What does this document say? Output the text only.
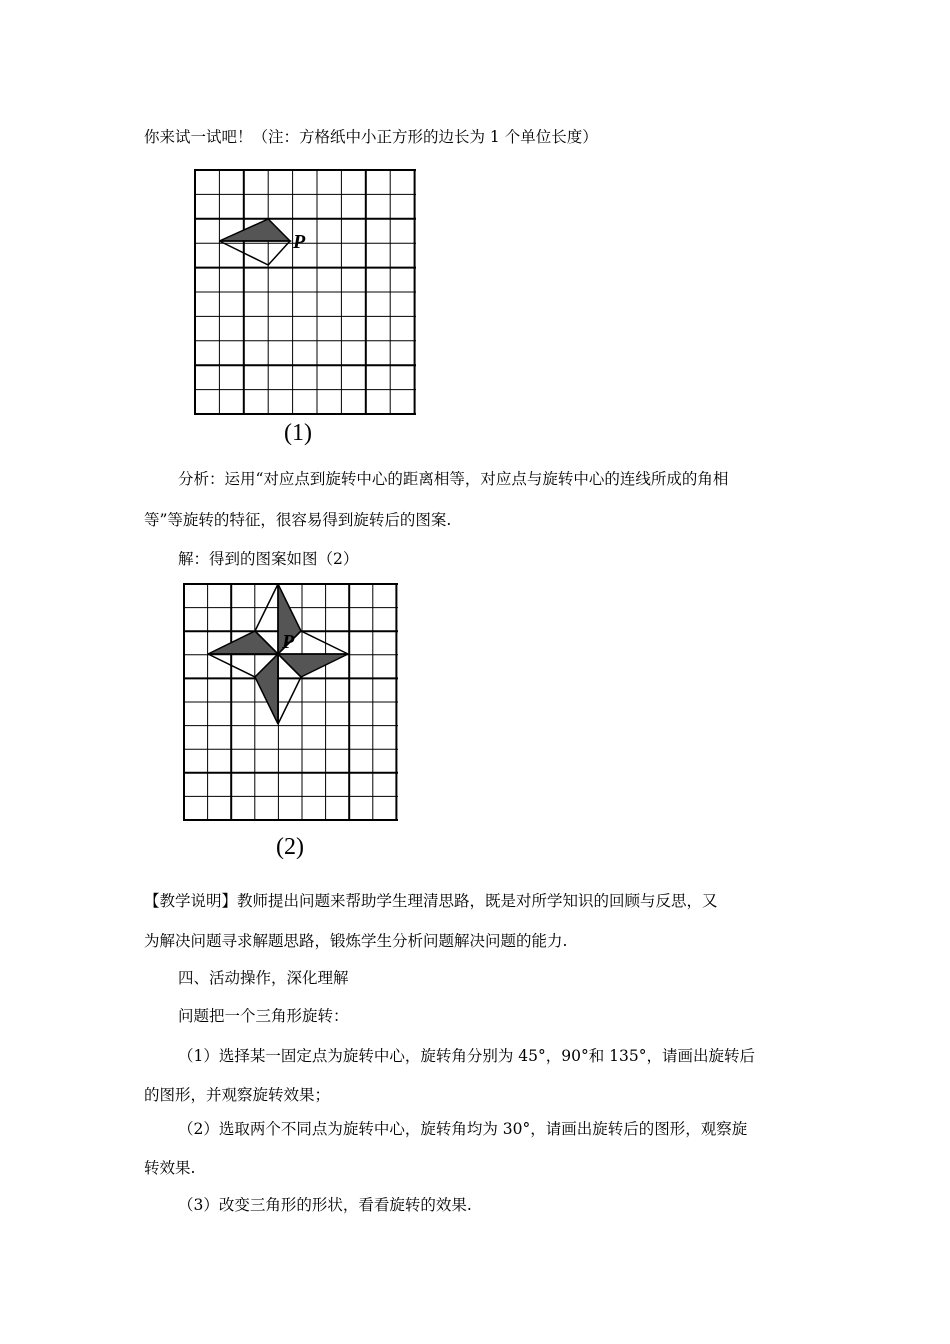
你来试一试吧！（注：方格纸中小正方形的边长为 1 个单位长度）
P
(1)
分析：运用“对应点到旋转中心的距离相等，对应点与旋转中心的连线所成的角相
等”等旋转的特征，很容易得到旋转后的图案.
解：得到的图案如图（2）
P
(2)
【教学说明】教师提出问题来帮助学生理清思路，既是对所学知识的回顾与反思，又
为解决问题寻求解题思路，锻炼学生分析问题解决问题的能力.
四、活动操作，深化理解
问题把一个三角形旋转：
（1）选择某一固定点为旋转中心，旋转角分别为 45°，90°和 135°，请画出旋转后
的图形，并观察旋转效果；
（2）选取两个不同点为旋转中心，旋转角均为 30°，请画出旋转后的图形，观察旋
转效果.
（3）改变三角形的形状，看看旋转的效果.
